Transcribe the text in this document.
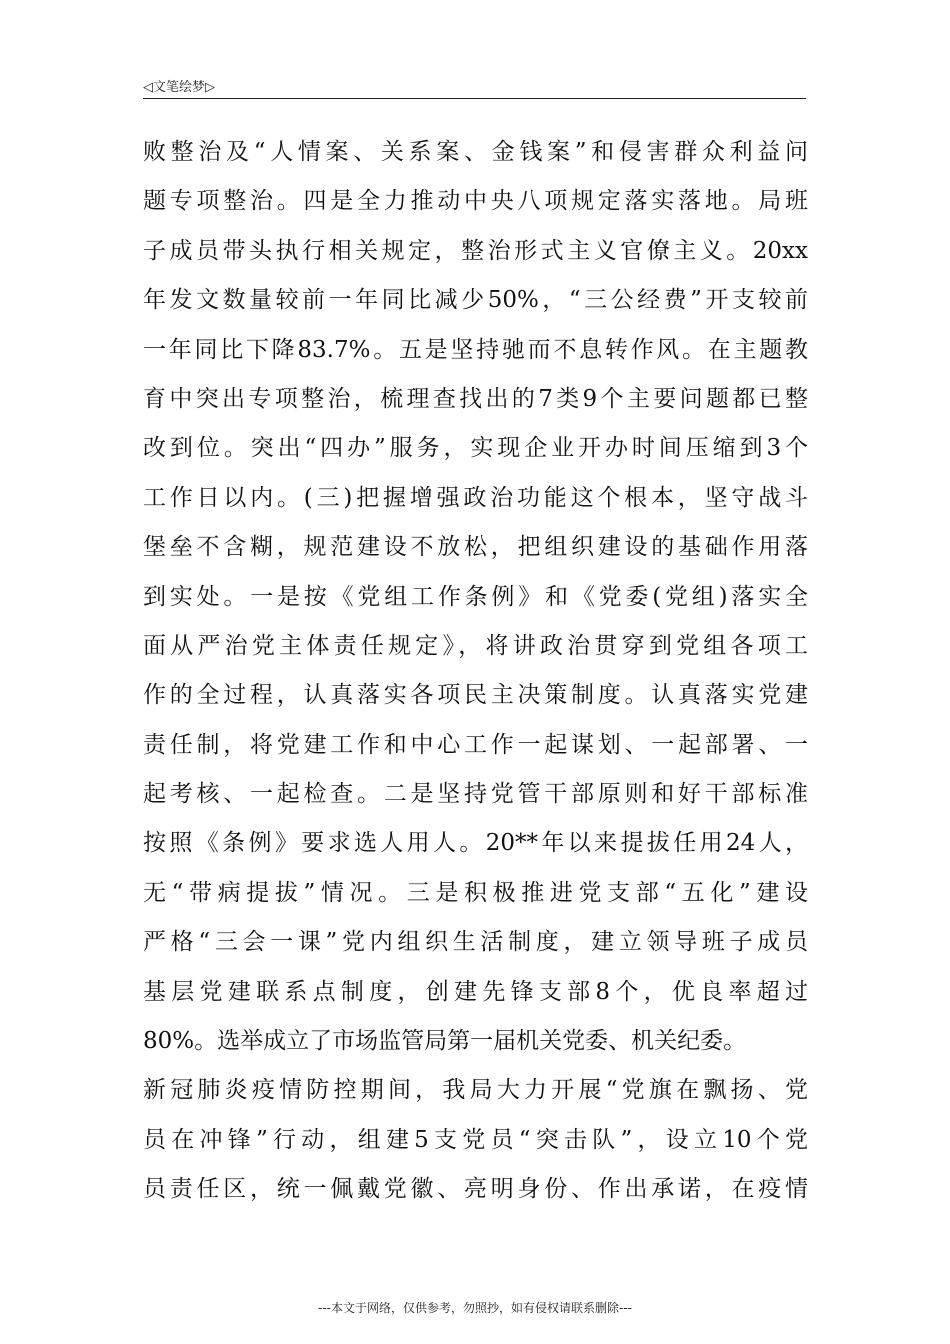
◁文笔绘梦▷
败整治及“人情案、关系案、金钱案”和侵害群众利益问
题专项整治。四是全力推动中央八项规定落实落地。局班
子成员带头执行相关规定，整治形式主义官僚主义。20xx
年发文数量较前一年同比减少50%，“三公经费”开支较前
一年同比下降83.7%。五是坚持驰而不息转作风。在主题教
育中突出专项整治，梳理查找出的7类9个主要问题都已整
改到位。突出“四办”服务，实现企业开办时间压缩到3个
工作日以内。(三)把握增强政治功能这个根本，坚守战斗
堡垒不含糊，规范建设不放松，把组织建设的基础作用落
到实处。一是按《党组工作条例》和《党委(党组)落实全
面从严治党主体责任规定》，将讲政治贯穿到党组各项工
作的全过程，认真落实各项民主决策制度。认真落实党建
责任制，将党建工作和中心工作一起谋划、一起部署、一
起考核、一起检查。二是坚持党管干部原则和好干部标准
按照《条例》要求选人用人。20**年以来提拔任用24人，
无“带病提拔”情况。三是积极推进党支部“五化”建设
严格“三会一课”党内组织生活制度，建立领导班子成员
基层党建联系点制度，创建先锋支部8个，优良率超过
80%。选举成立了市场监管局第一届机关党委、机关纪委。
新冠肺炎疫情防控期间，我局大力开展“党旗在飘扬、党
员在冲锋”行动，组建5支党员“突击队”，设立10个党
员责任区，统一佩戴党徽、亮明身份、作出承诺，在疫情
---本文于网络，仅供参考，勿照抄，如有侵权请联系删除---
